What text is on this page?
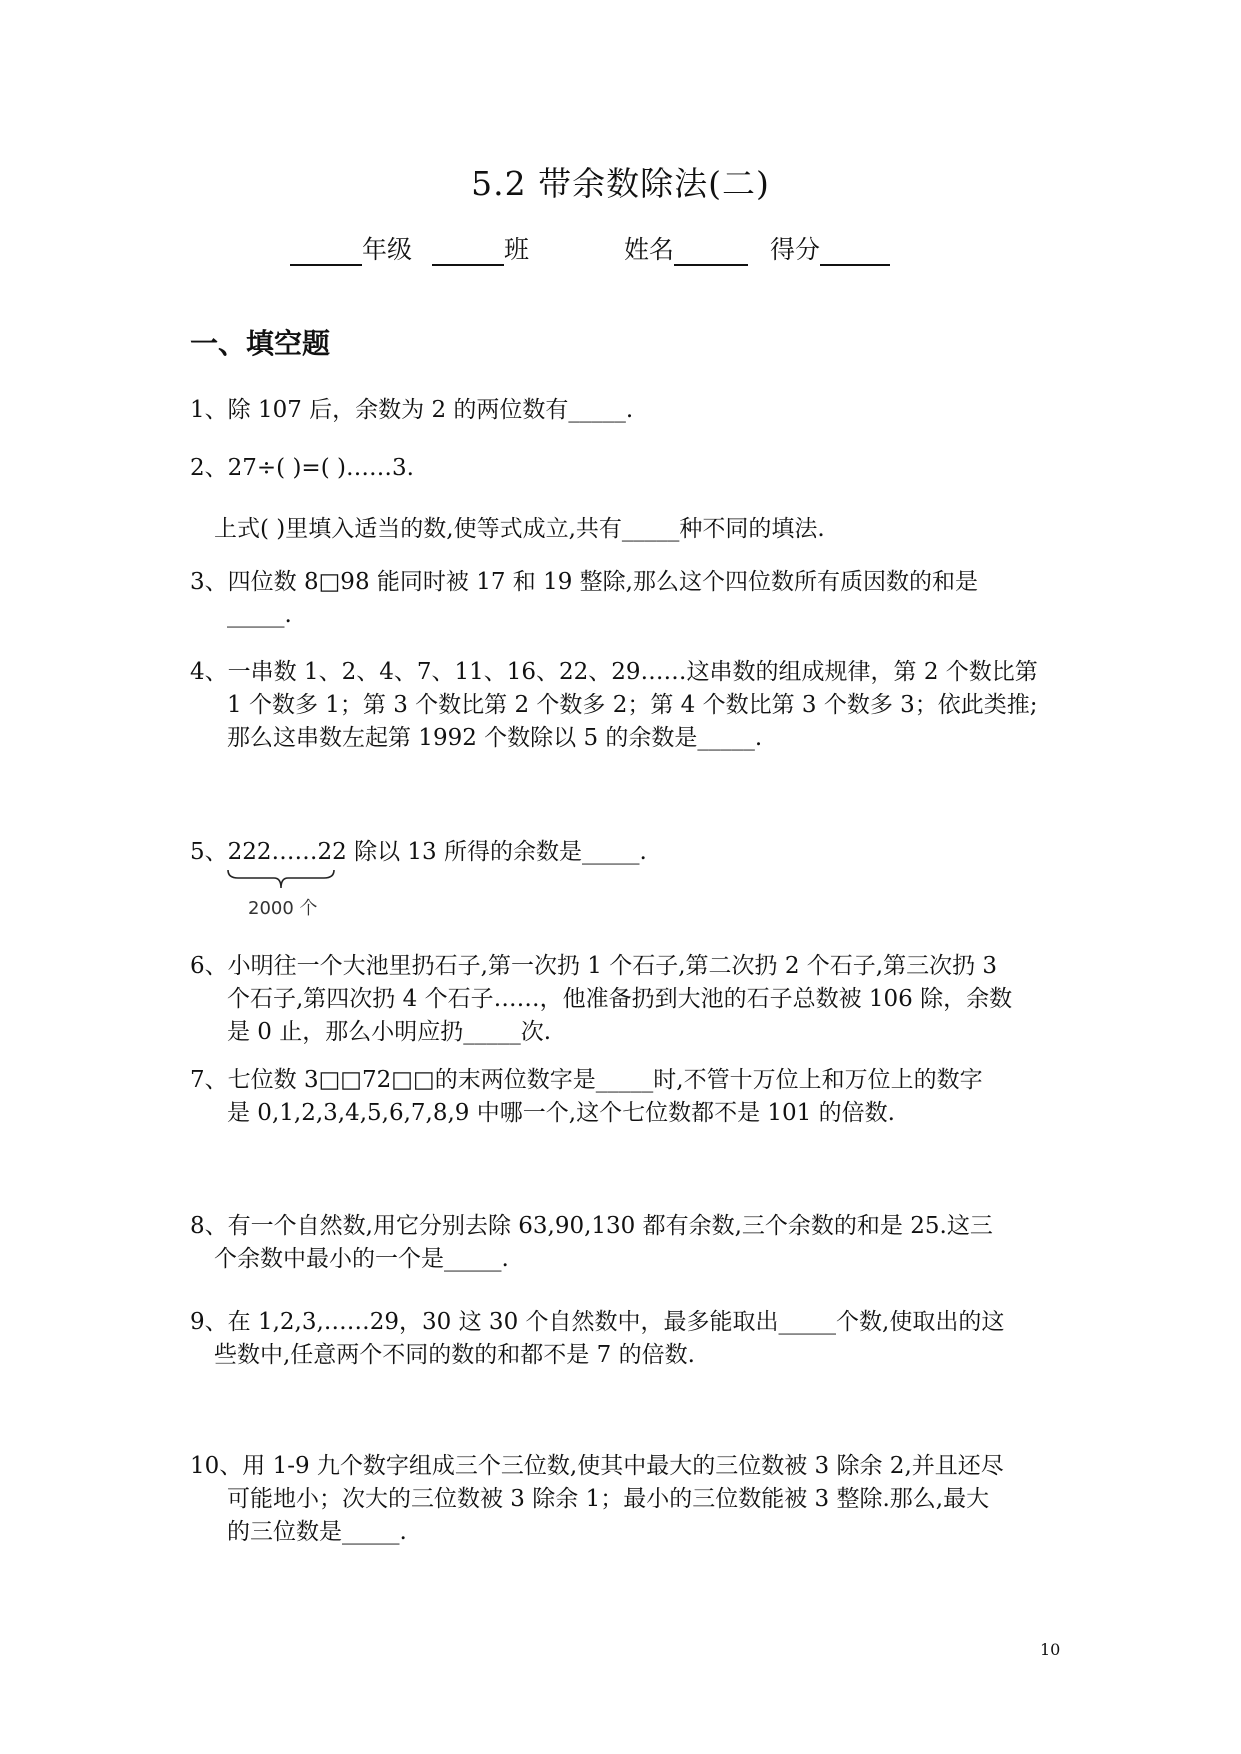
5.2 带余数除法(二)
年级	班	姓名	得分
一、填空题
1、除 107 后，余数为 2 的两位数有_____.
2、27÷( )=( )……3.
上式( )里填入适当的数,使等式成立,共有_____种不同的填法.
3、四位数 8□98 能同时被 17 和 19 整除,那么这个四位数所有质因数的和是
_____.
4、一串数 1、2、4、7、11、16、22、29……这串数的组成规律，第 2 个数比第
1 个数多 1；第 3 个数比第 2 个数多 2；第 4 个数比第 3 个数多 3；依此类推;
那么这串数左起第 1992 个数除以 5 的余数是_____.
5、222……22 除以 13 所得的余数是_____.
2000 个
6、小明往一个大池里扔石子,第一次扔 1 个石子,第二次扔 2 个石子,第三次扔 3
个石子,第四次扔 4 个石子……，他准备扔到大池的石子总数被 106 除，余数
是 0 止，那么小明应扔_____次.
7、七位数 3□□72□□的末两位数字是_____时,不管十万位上和万位上的数字
是 0,1,2,3,4,5,6,7,8,9 中哪一个,这个七位数都不是 101 的倍数.
8、有一个自然数,用它分别去除 63,90,130 都有余数,三个余数的和是 25.这三
个余数中最小的一个是_____.
9、在 1,2,3,……29，30 这 30 个自然数中，最多能取出_____个数,使取出的这
些数中,任意两个不同的数的和都不是 7 的倍数.
10、用 1-9 九个数字组成三个三位数,使其中最大的三位数被 3 除余 2,并且还尽
可能地小；次大的三位数被 3 除余 1；最小的三位数能被 3 整除.那么,最大
的三位数是_____.
10
